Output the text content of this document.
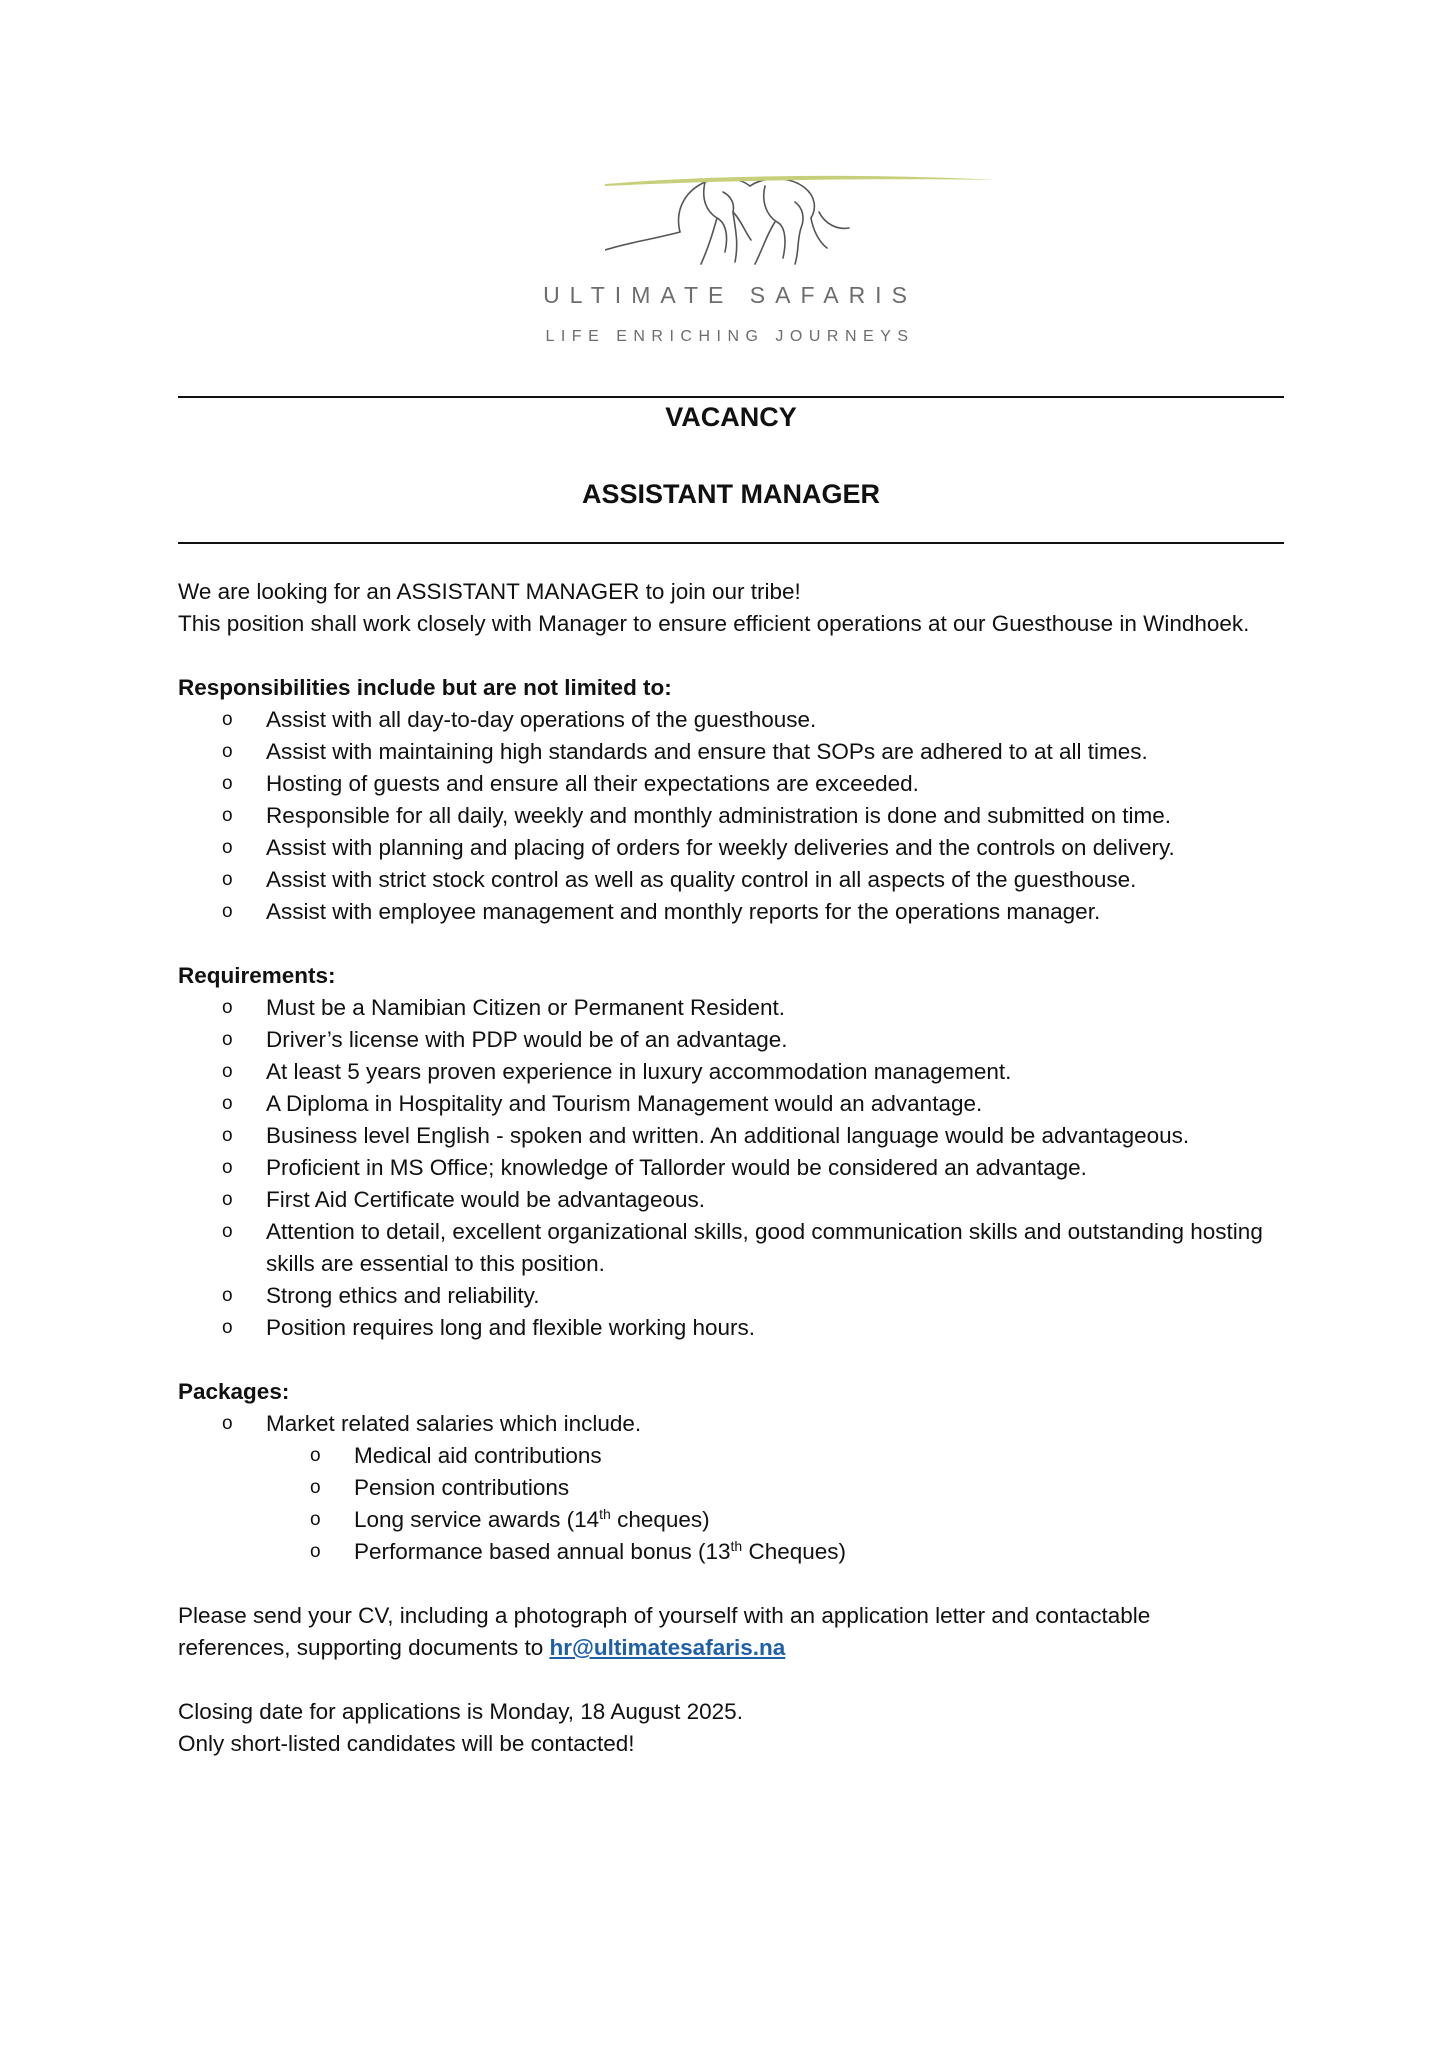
ULTIMATE SAFARIS
LIFE ENRICHING JOURNEYS
VACANCY
ASSISTANT MANAGER

We are looking for an ASSISTANT MANAGER to join our tribe!

This position shall work closely with Manager to ensure efficient operations at our Guesthouse in Windhoek.

Responsibilities include but are not limited to:

o Assist with all day-to-day operations of the guesthouse.
o Assist with maintaining high standards and ensure that SOPs are adhered to at all times.
o Hosting of guests and ensure all their expectations are exceeded.
o Responsible for all daily, weekly and monthly administration is done and submitted on time.
o Assist with planning and placing of orders for weekly deliveries and the controls on delivery.
o Assist with strict stock control as well as quality control in all aspects of the guesthouse.
o Assist with employee management and monthly reports for the operations manager.

Requirements:

o Must be a Namibian Citizen or Permanent Resident.
o Driver’s license with PDP would be of an advantage.
o At least 5 years proven experience in luxury accommodation management.
o A Diploma in Hospitality and Tourism Management would an advantage.
o Business level English - spoken and written. An additional language would be advantageous.
o Proficient in MS Office; knowledge of Tallorder would be considered an advantage.
o First Aid Certificate would be advantageous.
o Attention to detail, excellent organizational skills, good communication skills and outstanding hosting skills are essential to this position.
o Strong ethics and reliability.
o Position requires long and flexible working hours.

Packages:

o Market related salaries which include.
o Medical aid contributions
o Pension contributions
o Long service awards (14th cheques)
o Performance based annual bonus (13th Cheques)

Please send your CV, including a photograph of yourself with an application letter and contactable
references, supporting documents to hr@ultimatesafaris.na

Closing date for applications is Monday, 18 August 2025.

Only short-listed candidates will be contacted!
